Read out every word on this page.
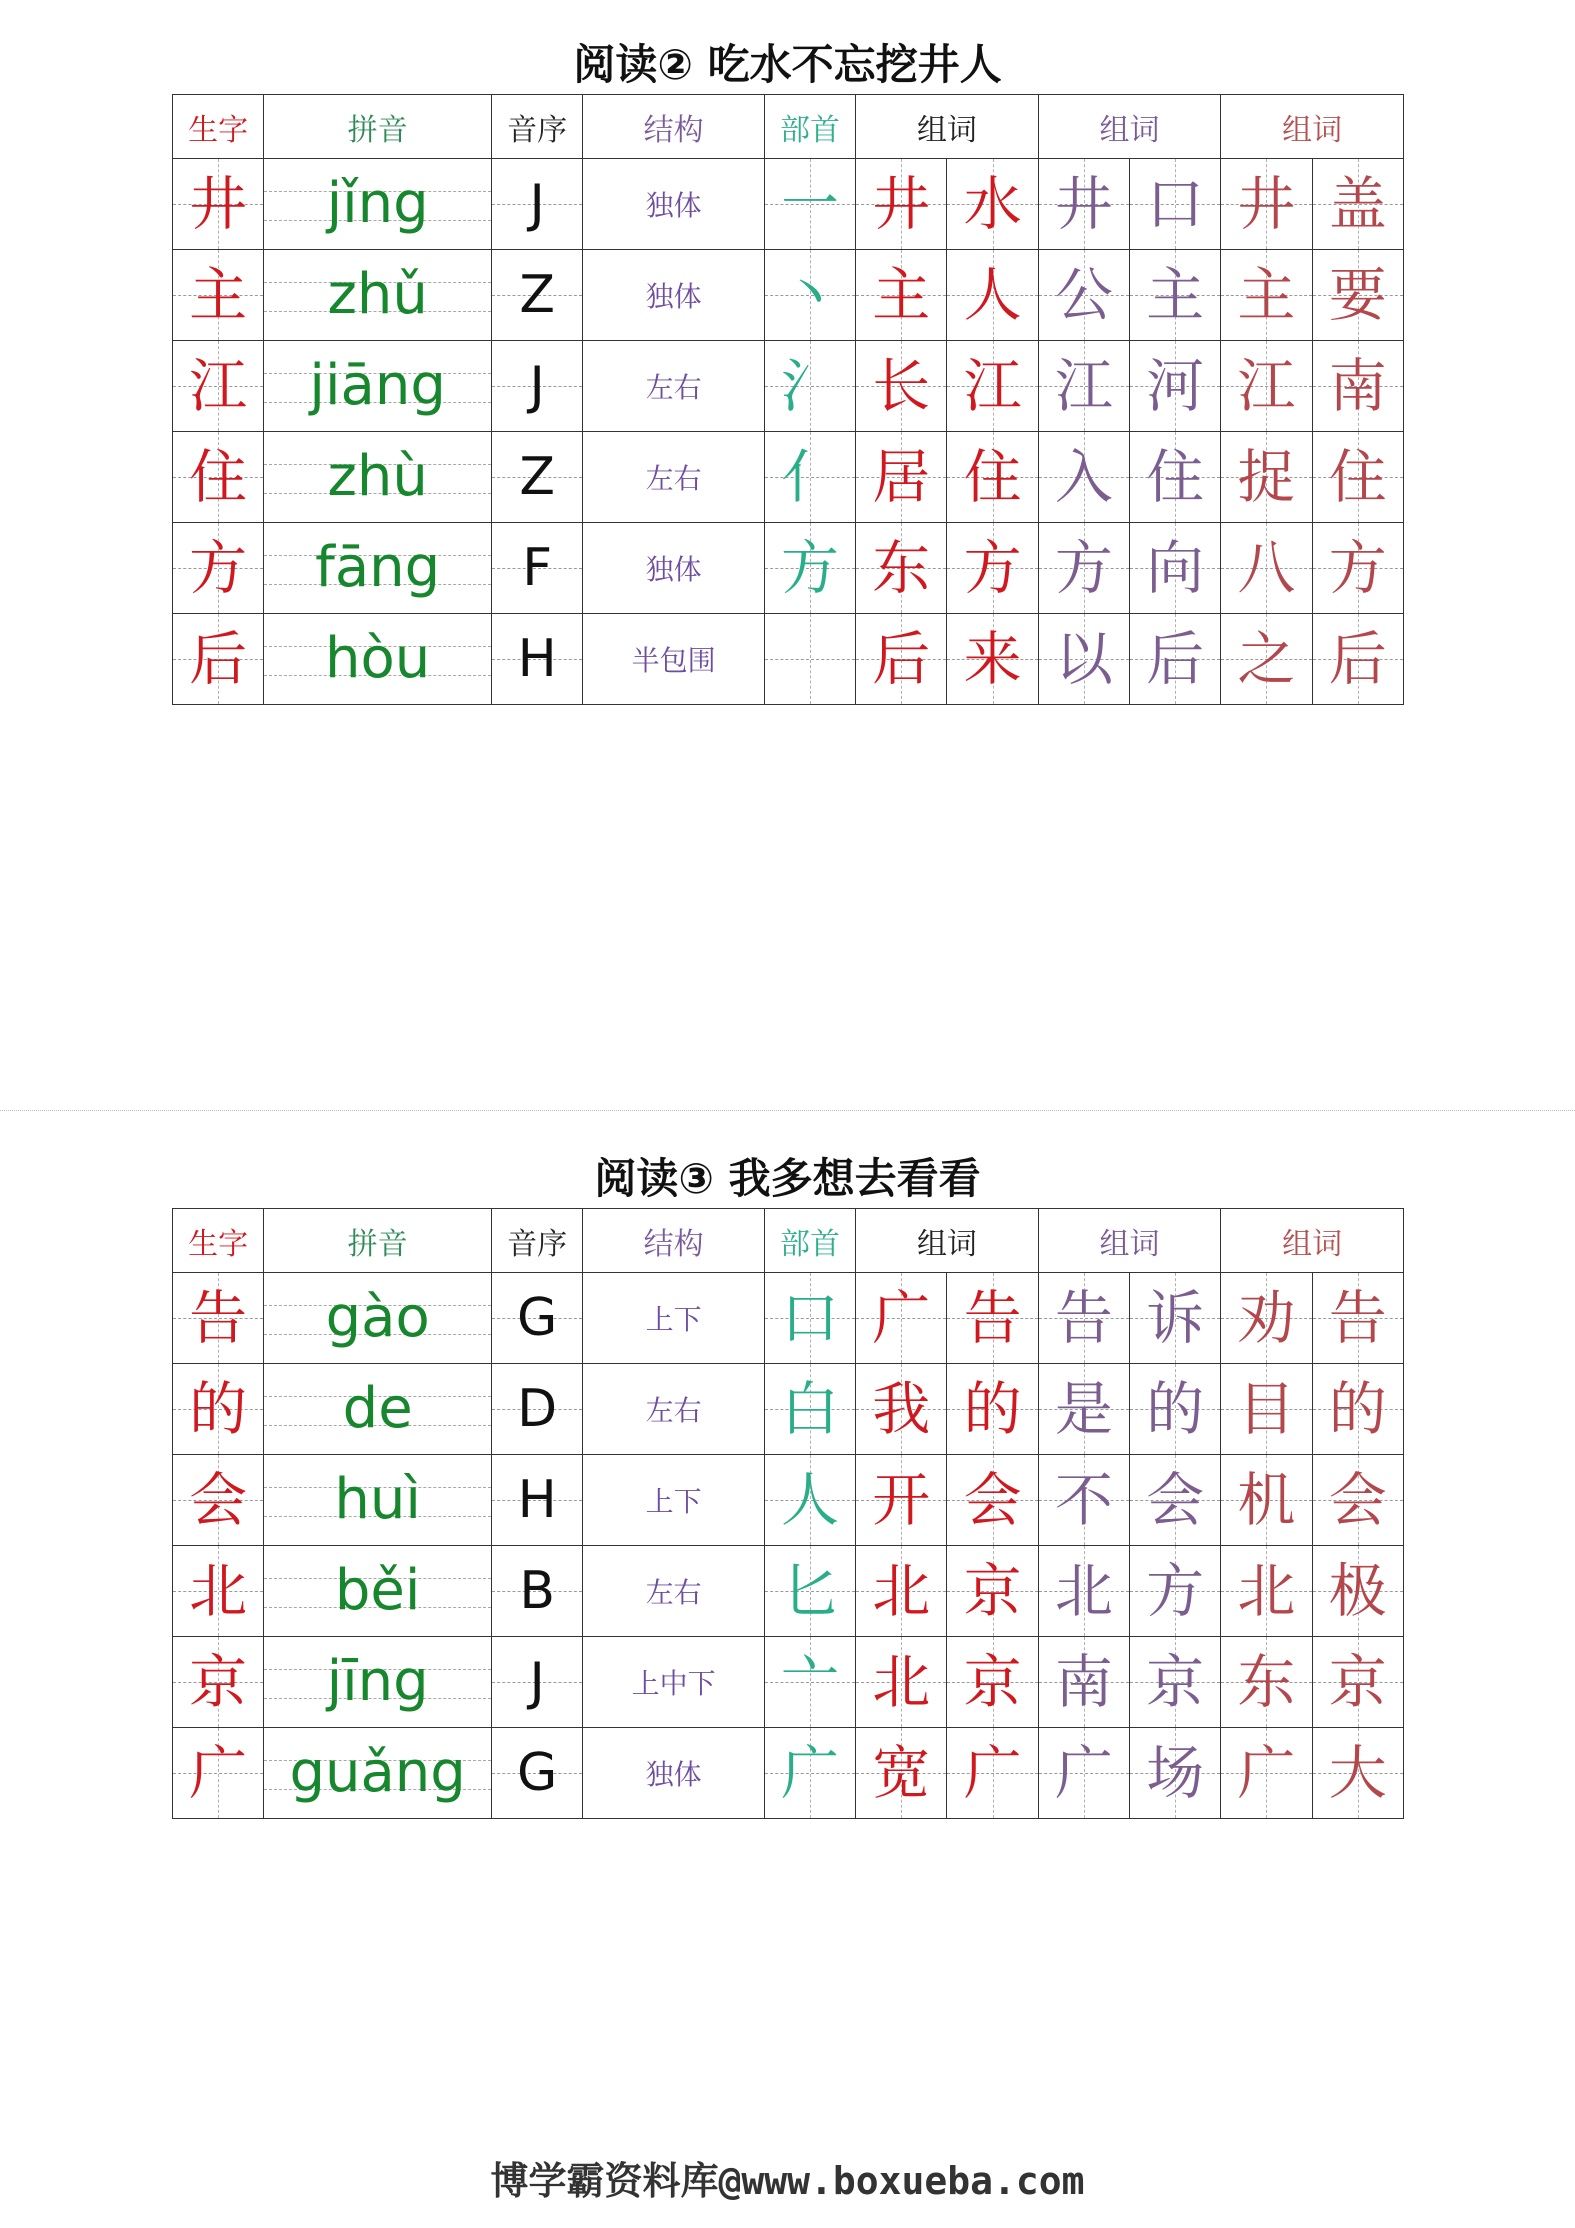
阅读② 吃水不忘挖井人
生字	拼音	音序	结构	部首	组词		组词		组词	
井	jǐng	J	独体	一	井	水	井	口	井	盖
主	zhǔ	Z	独体	丶	主	人	公	主	主	要
江	jiāng	J	左右	氵	长	江	江	河	江	南
住	zhù	Z	左右	亻	居	住	入	住	捉	住
方	fāng	F	独体	方	东	方	方	向	八	方
后	hòu	H	半包围		后	来	以	后	之	后
阅读③ 我多想去看看
生字	拼音	音序	结构	部首	组词		组词		组词	
告	gào	G	上下	口	广	告	告	诉	劝	告
的	de	D	左右	白	我	的	是	的	目	的
会	huì	H	上下	人	开	会	不	会	机	会
北	běi	B	左右	匕	北	京	北	方	北	极
京	jīng	J	上中下	亠	北	京	南	京	东	京
广	guǎng	G	独体	广	宽	广	广	场	广	大
博学霸资料库@www.boxueba.com
